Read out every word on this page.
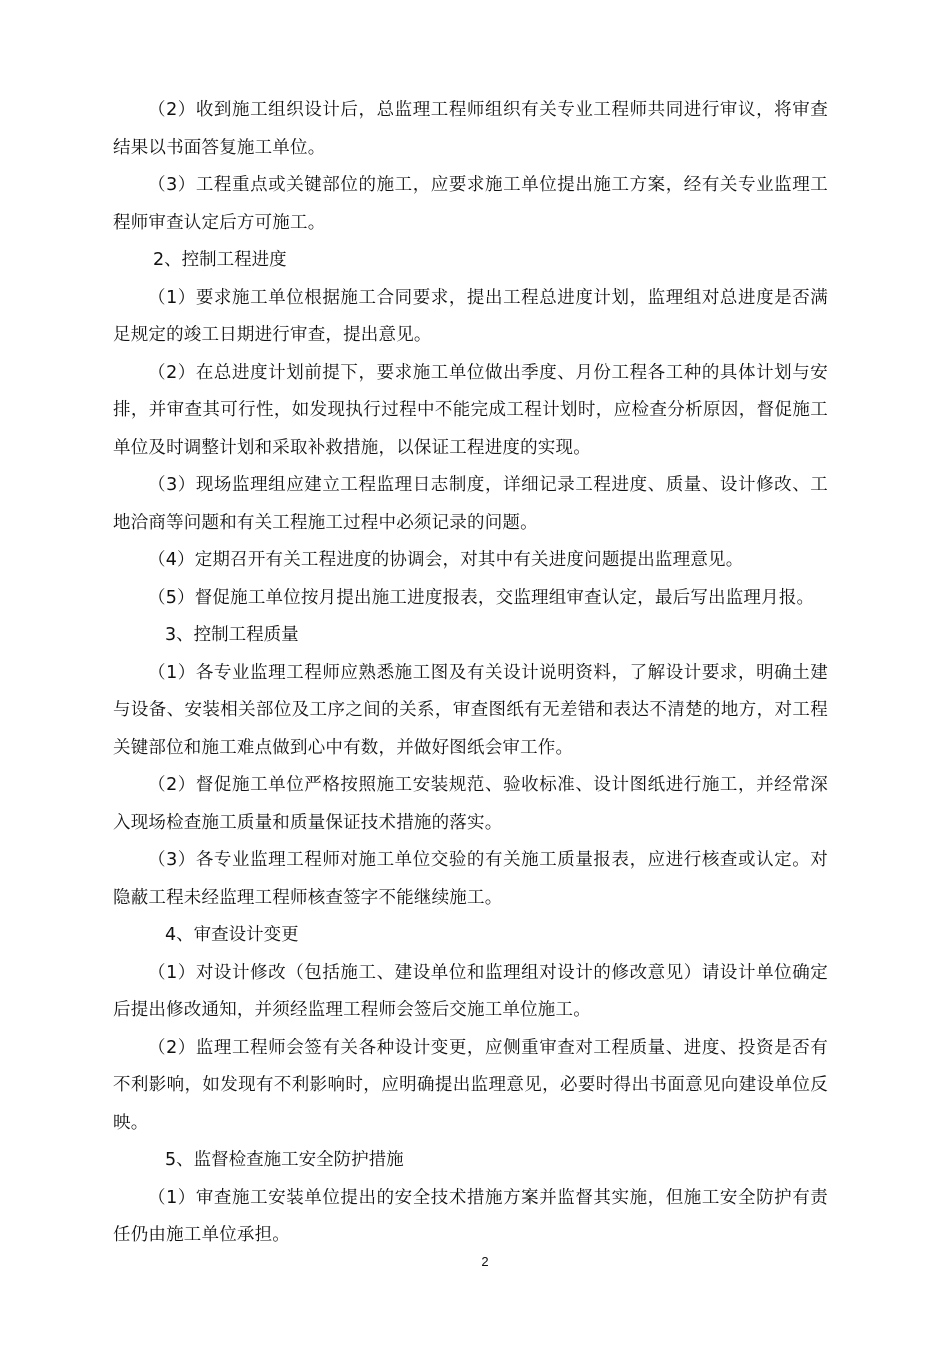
（2）收到施工组织设计后，总监理工程师组织有关专业工程师共同进行审议，将审查结果以书面答复施工单位。

（3）工程重点或关键部位的施工，应要求施工单位提出施工方案，经有关专业监理工程师审查认定后方可施工。

2、控制工程进度

（1）要求施工单位根据施工合同要求，提出工程总进度计划，监理组对总进度是否满足规定的竣工日期进行审查，提出意见。

（2）在总进度计划前提下，要求施工单位做出季度、月份工程各工种的具体计划与安排，并审查其可行性，如发现执行过程中不能完成工程计划时，应检查分析原因，督促施工单位及时调整计划和采取补救措施，以保证工程进度的实现。

（3）现场监理组应建立工程监理日志制度，详细记录工程进度、质量、设计修改、工地洽商等问题和有关工程施工过程中必须记录的问题。

（4）定期召开有关工程进度的协调会，对其中有关进度问题提出监理意见。

（5）督促施工单位按月提出施工进度报表，交监理组审查认定，最后写出监理月报。

3、控制工程质量

（1）各专业监理工程师应熟悉施工图及有关设计说明资料，了解设计要求，明确土建与设备、安装相关部位及工序之间的关系，审查图纸有无差错和表达不清楚的地方，对工程关键部位和施工难点做到心中有数，并做好图纸会审工作。

（2）督促施工单位严格按照施工安装规范、验收标准、设计图纸进行施工，并经常深入现场检查施工质量和质量保证技术措施的落实。

（3）各专业监理工程师对施工单位交验的有关施工质量报表，应进行核查或认定。对隐蔽工程未经监理工程师核查签字不能继续施工。

4、审查设计变更

（1）对设计修改（包括施工、建设单位和监理组对设计的修改意见）请设计单位确定后提出修改通知，并须经监理工程师会签后交施工单位施工。

（2）监理工程师会签有关各种设计变更，应侧重审查对工程质量、进度、投资是否有不利影响，如发现有不利影响时，应明确提出监理意见，必要时得出书面意见向建设单位反映。

5、监督检查施工安全防护措施

（1）审查施工安装单位提出的安全技术措施方案并监督其实施，但施工安全防护有责任仍由施工单位承担。

2
